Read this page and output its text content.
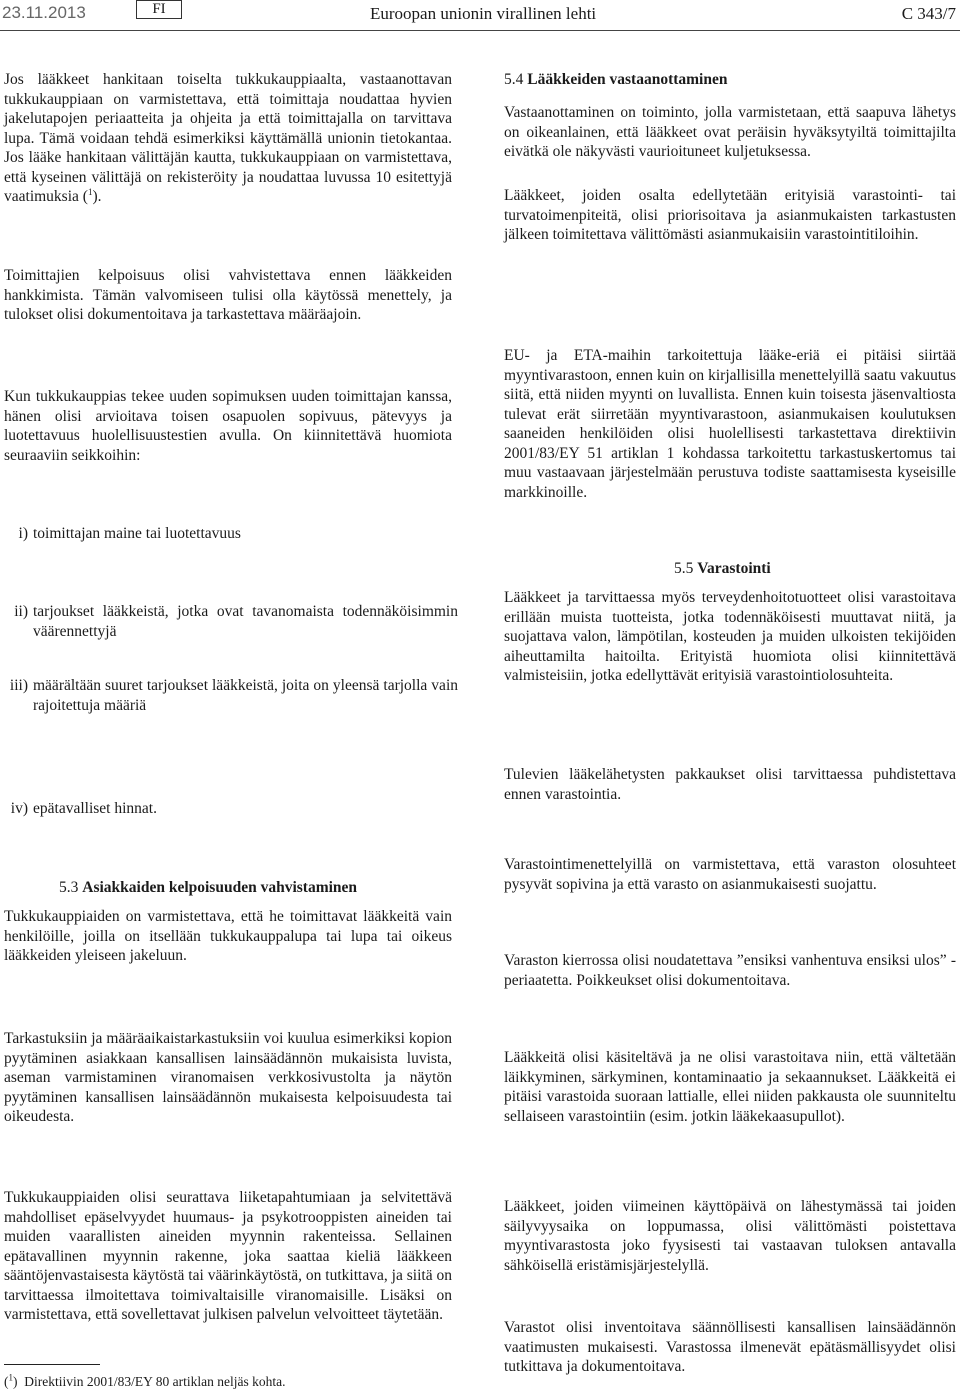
23.11.2013	FI	Euroopan unionin virallinen lehti	C 343/7

Jos lääkkeet hankitaan toiselta tukkukauppiaalta, vastaanottavan tukkukauppiaan on varmistettava, että toimittaja noudattaa hyvien jakelutapojen periaatteita ja ohjeita ja että toimittajalla on tarvittava lupa. Tämä voidaan tehdä esimerkiksi käyttämällä unionin tietokantaa. Jos lääke hankitaan välittäjän kautta, tukkukauppiaan on varmistettava, että kyseinen välittäjä on rekisteröity ja noudattaa luvussa 10 esitettyjä vaatimuksia ($^1$).

Toimittajien kelpoisuus olisi vahvistettava ennen lääkkeiden hankkimista. Tämän valvomiseen tulisi olla käytössä menettely, ja tulokset olisi dokumentoitava ja tarkastettava määräajoin.

Kun tukkukauppias tekee uuden sopimuksen uuden toimittajan kanssa, hänen olisi arvioitava toisen osapuolen sopivuus, pätevyys ja luotettavuus huolellisuustestien avulla. On kiinnitettävä huomiota seuraaviin seikkoihin:

i) toimittajan maine tai luotettavuus
ii) tarjoukset lääkkeistä, jotka ovat tavanomaista todennäköisimmin väärennettyjä
iii) määrältään suuret tarjoukset lääkkeistä, joita on yleensä tarjolla vain rajoitettuja määriä
iv) epätavalliset hinnat.
5.3 Asiakkaiden kelpoisuuden vahvistaminen

Tukkukauppiaiden on varmistettava, että he toimittavat lääkkeitä vain henkilöille, joilla on itsellään tukkukauppalupa tai lupa tai oikeus lääkkeiden yleiseen jakeluun.

Tarkastuksiin ja määräaikaistarkastuksiin voi kuulua esimerkiksi kopion pyytäminen asiakkaan kansallisen lainsäädännön mukaisista luvista, aseman varmistaminen viranomaisen verkkosivustolta ja näytön pyytäminen kansallisen lainsäädännön mukaisesta kelpoisuudesta tai oikeudesta.

Tukkukauppiaiden olisi seurattava liiketapahtumiaan ja selvitettävä mahdolliset epäselvyydet huumaus- ja psykotrooppisten aineiden tai muiden vaarallisten aineiden myynnin rakenteissa. Sellainen epätavallinen myynnin rakenne, joka saattaa kieliä lääkkeen sääntöjenvastaisesta käytöstä tai väärinkäytöstä, on tutkittava, ja siitä on tarvittaessa ilmoitettava toimivaltaisille viranomaisille. Lisäksi on varmistettava, että sovellettavat julkisen palvelun velvoitteet täytetään.

($^1$)  Direktiivin 2001/83/EY 80 artiklan neljäs kohta.
5.4 Lääkkeiden vastaanottaminen

Vastaanottaminen on toiminto, jolla varmistetaan, että saapuva lähetys on oikeanlainen, että lääkkeet ovat peräisin hyväksytyiltä toimittajilta eivätkä ole näkyvästi vaurioituneet kuljetuksessa.

Lääkkeet, joiden osalta edellytetään erityisiä varastointi- tai turvatoimenpiteitä, olisi priorisoitava ja asianmukaisten tarkastusten jälkeen toimitettava välittömästi asianmukaisiin varastointitiloihin.

EU- ja ETA-maihin tarkoitettuja lääke-eriä ei pitäisi siirtää myyntivarastoon, ennen kuin on kirjallisilla menettelyillä saatu vakuutus siitä, että niiden myynti on luvallista. Ennen kuin toisesta jäsenvaltiosta tulevat erät siirretään myyntivarastoon, asianmukaisen koulutuksen saaneiden henkilöiden olisi huolellisesti tarkastettava direktiivin 2001/83/EY 51 artiklan 1 kohdassa tarkoitettu tarkastuskertomus tai muu vastaavaan järjestelmään perustuva todiste saattamisesta kyseisille markkinoille.

5.5 Varastointi

Lääkkeet ja tarvittaessa myös terveydenhoitotuotteet olisi varastoitava erillään muista tuotteista, jotka todennäköisesti muuttavat niitä, ja suojattava valon, lämpötilan, kosteuden ja muiden ulkoisten tekijöiden aiheuttamilta haitoilta. Erityistä huomiota olisi kiinnitettävä valmisteisiin, jotka edellyttävät erityisiä varastointiolosuhteita.

Tulevien lääkelähetysten pakkaukset olisi tarvittaessa puhdistettava ennen varastointia.

Varastointimenettelyillä on varmistettava, että varaston olosuhteet pysyvät sopivina ja että varasto on asianmukaisesti suojattu.

Varaston kierrossa olisi noudatettava ”ensiksi vanhentuva ensiksi ulos” -periaatetta. Poikkeukset olisi dokumentoitava.

Lääkkeitä olisi käsiteltävä ja ne olisi varastoitava niin, että vältetään läikkyminen, särkyminen, kontaminaatio ja sekaannukset. Lääkkeitä ei pitäisi varastoida suoraan lattialle, ellei niiden pakkausta ole suunniteltu sellaiseen varastointiin (esim. jotkin lääkekaasupullot).

Lääkkeet, joiden viimeinen käyttöpäivä on lähestymässä tai joiden säilyvyysaika on loppumassa, olisi välittömästi poistettava myyntivarastosta joko fyysisesti tai vastaavan tuloksen antavalla sähköisellä eristämisjärjestelyllä.

Varastot olisi inventoitava säännöllisesti kansallisen lainsäädännön vaatimusten mukaisesti. Varastossa ilmenevät epätäsmällisyydet olisi tutkittava ja dokumentoitava.
